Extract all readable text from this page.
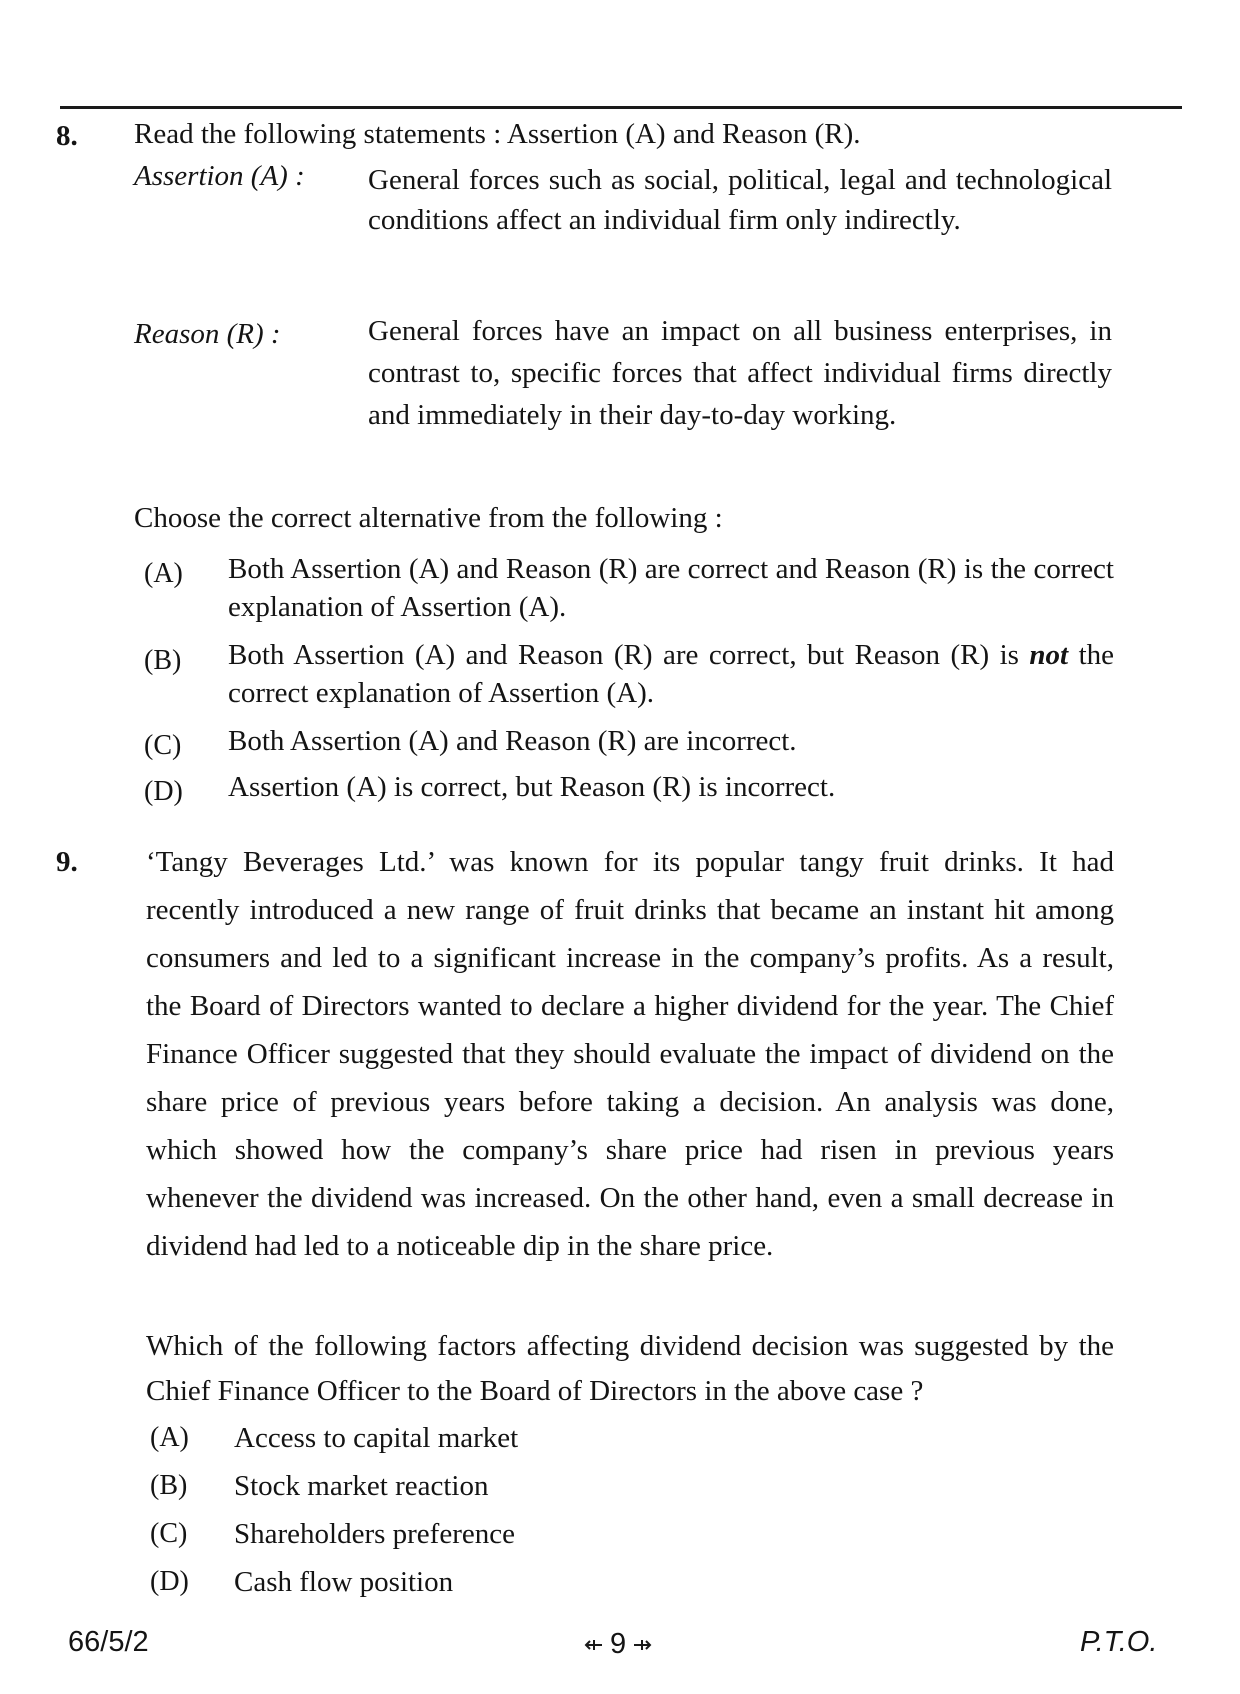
8. Read the following statements : Assertion (A) and Reason (R).
Assertion (A) : General forces such as social, political, legal and technological conditions affect an individual firm only indirectly.
Reason (R) :	General forces have an impact on all business enterprises, in contrast to, specific forces that affect individual firms directly and immediately in their day-to-day working.
Choose the correct alternative from the following :
(A) Both Assertion (A) and Reason (R) are correct and Reason (R) is the correct explanation of Assertion (A).
(B) Both Assertion (A) and Reason (R) are correct, but Reason (R) is not the correct explanation of Assertion (A).
(C) Both Assertion (A) and Reason (R) are incorrect.
(D) Assertion (A) is correct, but Reason (R) is incorrect.
9. ‘Tangy Beverages Ltd.’ was known for its popular tangy fruit drinks. It had recently introduced a new range of fruit drinks that became an instant hit among consumers and led to a significant increase in the company’s profits. As a result, the Board of Directors wanted to declare a higher dividend for the year. The Chief Finance Officer suggested that they should evaluate the impact of dividend on the share price of previous years before taking a decision. An analysis was done, which showed how the company’s share price had risen in previous years whenever the dividend was increased. On the other hand, even a small decrease in dividend had led to a noticeable dip in the share price.
Which of the following factors affecting dividend decision was suggested by the Chief Finance Officer to the Board of Directors in the above case ?
(A) Access to capital market
(B) Stock market reaction
(C) Shareholders preference
(D) Cash flow position
66/5/2	9	P.T.O.
